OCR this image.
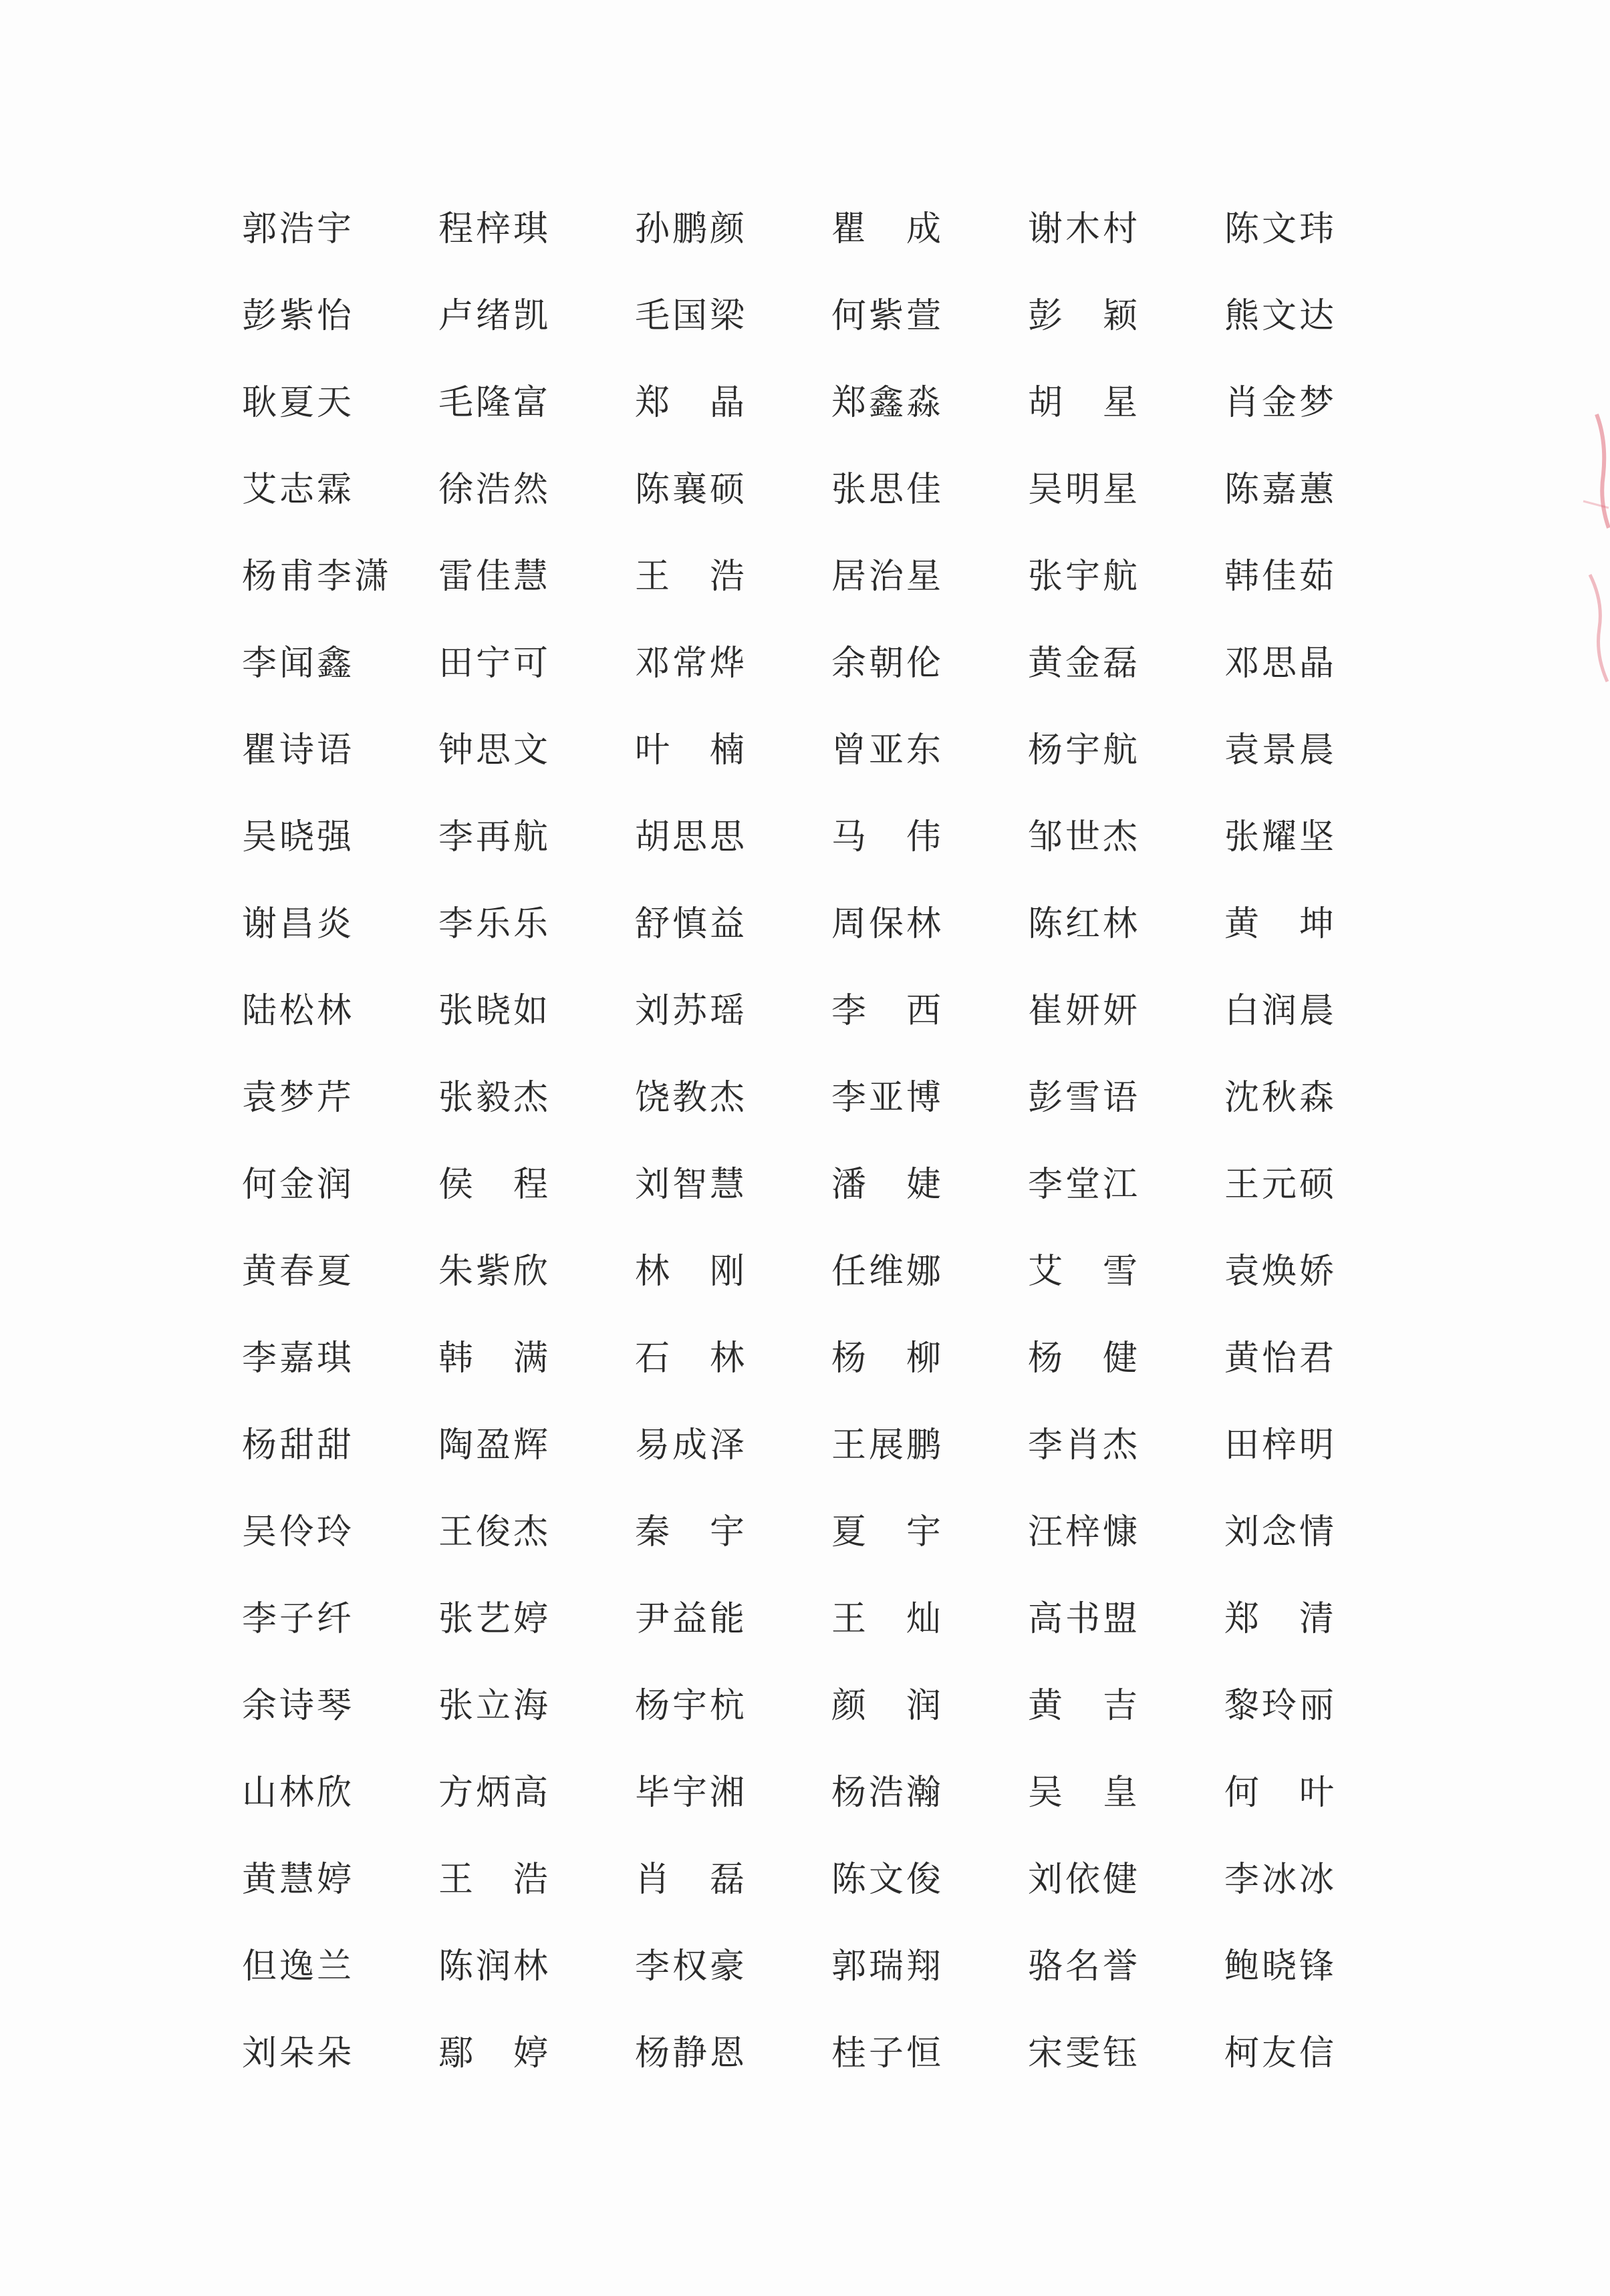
郭浩宇	程梓琪	孙鹏颜	瞿　成	谢木村	陈文玮
彭紫怡	卢绪凯	毛国梁	何紫萱	彭　颖	熊文达
耿夏天	毛隆富	郑　晶	郑鑫淼	胡　星	肖金梦
艾志霖	徐浩然	陈襄硕	张思佳	吴明星	陈嘉蕙
杨甫李潇	雷佳慧	王　浩	居治星	张宇航	韩佳茹
李闻鑫	田宁可	邓常烨	余朝伦	黄金磊	邓思晶
瞿诗语	钟思文	叶　楠	曾亚东	杨宇航	袁景晨
吴晓强	李再航	胡思思	马　伟	邹世杰	张耀坚
谢昌炎	李乐乐	舒慎益	周保林	陈红林	黄　坤
陆松林	张晓如	刘苏瑶	李　西	崔妍妍	白润晨
袁梦芹	张毅杰	饶教杰	李亚博	彭雪语	沈秋森
何金润	侯　程	刘智慧	潘　婕	李堂江	王元硕
黄春夏	朱紫欣	林　刚	任维娜	艾　雪	袁焕娇
李嘉琪	韩　满	石　林	杨　柳	杨　健	黄怡君
杨甜甜	陶盈辉	易成泽	王展鹏	李肖杰	田梓明
吴伶玲	王俊杰	秦　宇	夏　宇	汪梓慷	刘念情
李子纤	张艺婷	尹益能	王　灿	高书盟	郑　清
余诗琴	张立海	杨宇杭	颜　润	黄　吉	黎玲丽
山林欣	方炳高	毕宇湘	杨浩瀚	吴　皇	何　叶
黄慧婷	王　浩	肖　磊	陈文俊	刘依健	李冰冰
但逸兰	陈润林	李权豪	郭瑞翔	骆名誉	鲍晓锋
刘朵朵	鄢　婷	杨静恩	桂子恒	宋雯钰	柯友信
